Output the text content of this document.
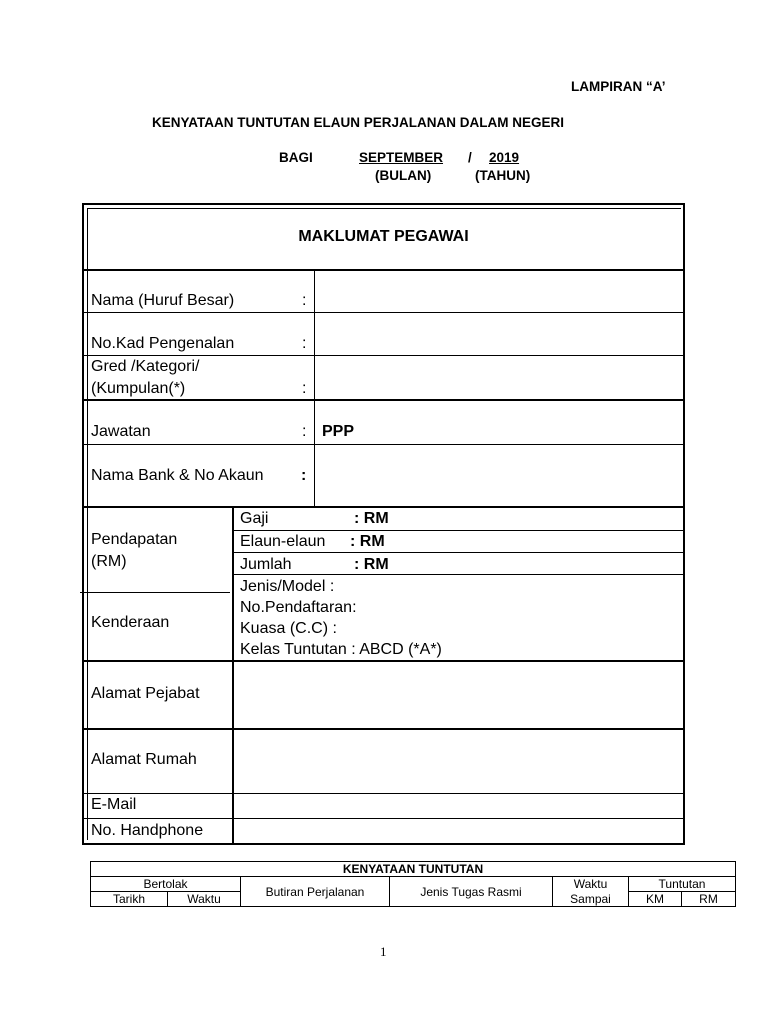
LAMPIRAN “A’
KENYATAAN TUNTUTAN ELAUN PERJALANAN DALAM NEGERI
BAGI	SEPTEMBER / 2019
(BULAN)	(TAHUN)
MAKLUMAT PEGAWAI
Nama (Huruf Besar)	:
No.Kad Pengenalan	:
Gred /Kategori/
(Kumpulan(*)	:
Jawatan	: PPP
Nama Bank & No Akaun :
Pendapatan
(RM)
Gaji	: RM
Elaun-elaun : RM
Jumlah	: RM
Kenderaan
Jenis/Model :
No.Pendaftaran:
Kuasa (C.C) :
Kelas Tuntutan : ABCD (*A*)
Alamat Pejabat
Alamat Rumah
E-Mail
No. Handphone
KENYATAAN TUNTUTAN						
Bertolak		Butiran Perjalanan	Jenis Tugas Rasmi	Waktu	Tuntutan	
Tarikh	Waktu			Sampai	KM	RM
1
